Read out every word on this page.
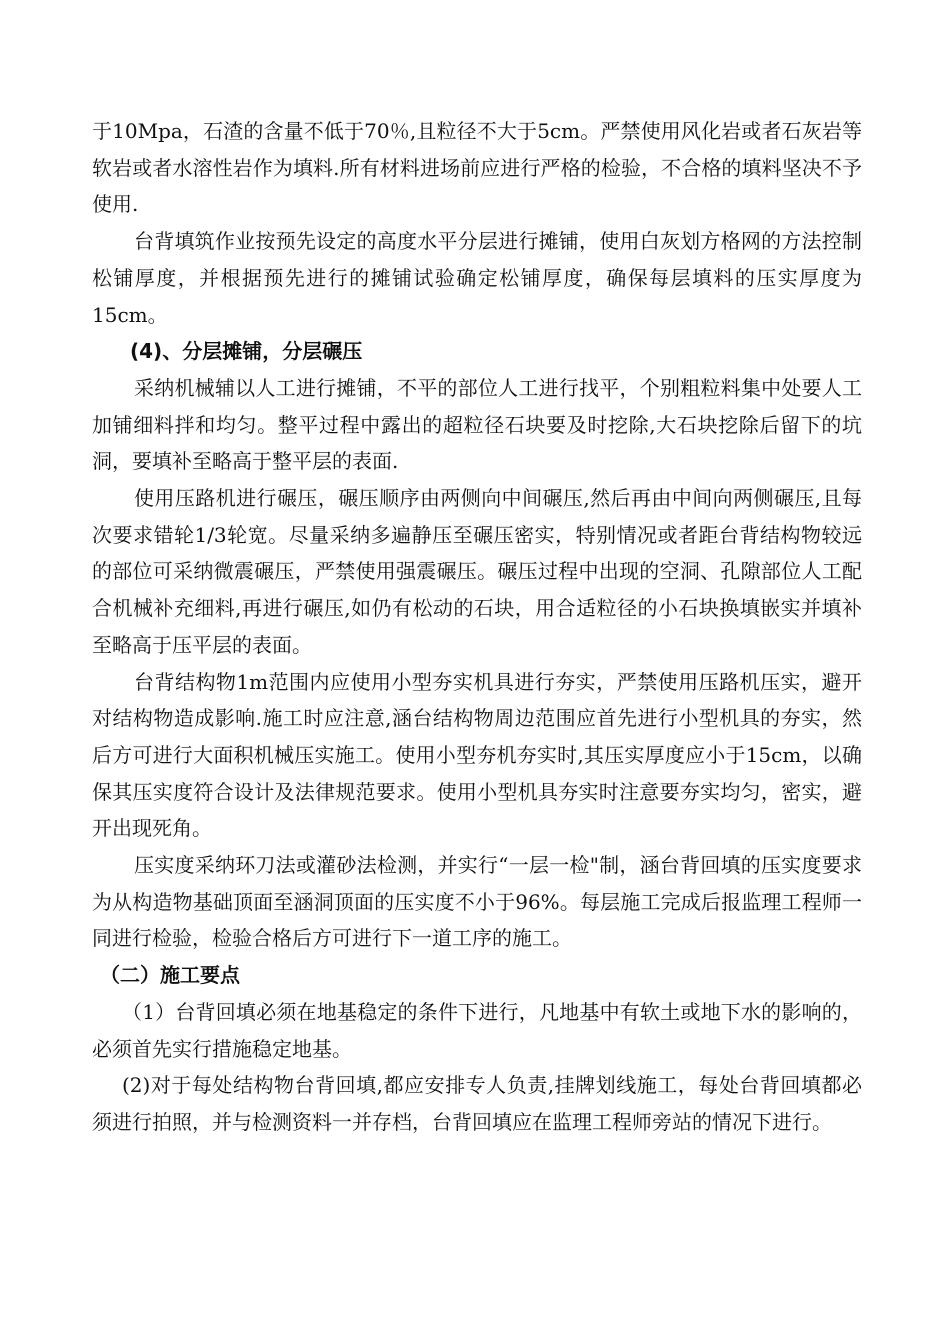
于10Mpa，石渣的含量不低于70％,且粒径不大于5cm。严禁使用风化岩或者石灰岩等软岩或者水溶性岩作为填料.所有材料进场前应进行严格的检验，不合格的填料坚决不予使用.

台背填筑作业按预先设定的高度水平分层进行摊铺，使用白灰划方格网的方法控制松铺厚度，并根据预先进行的摊铺试验确定松铺厚度，确保每层填料的压实厚度为15cm。

(4)、分层摊铺，分层碾压

采纳机械辅以人工进行摊铺，不平的部位人工进行找平，个别粗粒料集中处要人工加铺细料拌和均匀。整平过程中露出的超粒径石块要及时挖除,大石块挖除后留下的坑洞，要填补至略高于整平层的表面.

使用压路机进行碾压，碾压顺序由两侧向中间碾压,然后再由中间向两侧碾压,且每次要求错轮1/3轮宽。尽量采纳多遍静压至碾压密实，特别情况或者距台背结构物较远的部位可采纳微震碾压，严禁使用强震碾压。碾压过程中出现的空洞、孔隙部位人工配合机械补充细料,再进行碾压,如仍有松动的石块，用合适粒径的小石块换填嵌实并填补至略高于压平层的表面。

台背结构物1m范围内应使用小型夯实机具进行夯实，严禁使用压路机压实，避开对结构物造成影响.施工时应注意,涵台结构物周边范围应首先进行小型机具的夯实，然后方可进行大面积机械压实施工。使用小型夯机夯实时,其压实厚度应小于15cm，以确保其压实度符合设计及法律规范要求。使用小型机具夯实时注意要夯实均匀，密实，避开出现死角。

压实度采纳环刀法或灌砂法检测，并实行“一层一检"制，涵台背回填的压实度要求为从构造物基础顶面至涵洞顶面的压实度不小于96%。每层施工完成后报监理工程师一同进行检验，检验合格后方可进行下一道工序的施工。

（二）施工要点

（1）台背回填必须在地基稳定的条件下进行，凡地基中有软土或地下水的影响的，必须首先实行措施稳定地基。

(2)对于每处结构物台背回填,都应安排专人负责,挂牌划线施工，每处台背回填都必须进行拍照，并与检测资料一并存档，台背回填应在监理工程师旁站的情况下进行。
